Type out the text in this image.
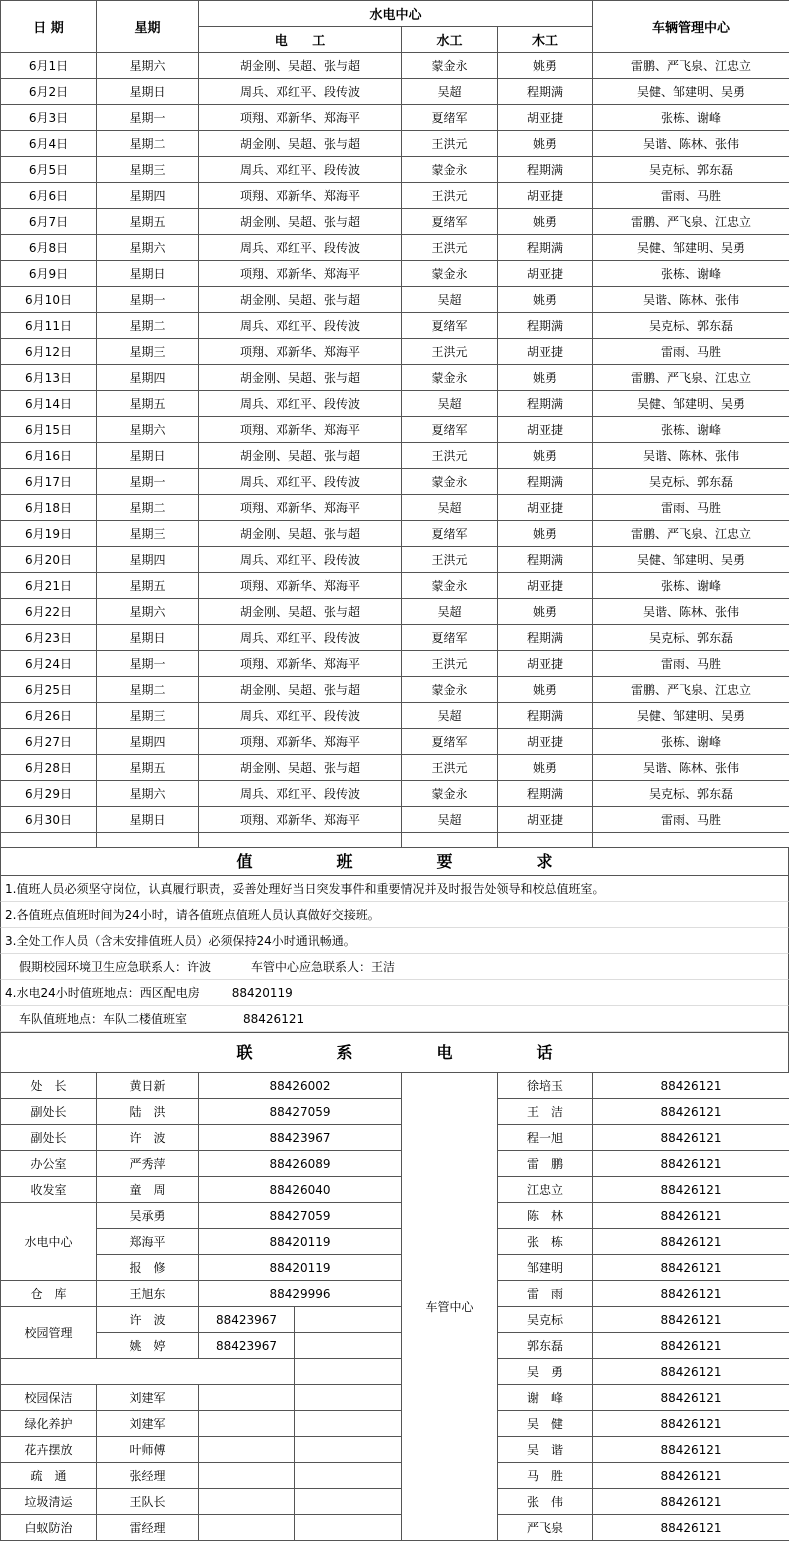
日 期	星期	水电中心			车辆管理中心
		电 工	水工	木工	
6月1日	星期六	胡金刚、吴超、张与超	蒙金永	姚勇	雷鹏、严飞泉、江忠立
6月2日	星期日	周兵、邓红平、段传波	吴超	程期满	吴健、邹建明、吴勇
6月3日	星期一	项翔、邓新华、郑海平	夏绪军	胡亚捷	张栋、谢峰
6月4日	星期二	胡金刚、吴超、张与超	王洪元	姚勇	吴谐、陈林、张伟
6月5日	星期三	周兵、邓红平、段传波	蒙金永	程期满	吴克标、郭东磊
6月6日	星期四	项翔、邓新华、郑海平	王洪元	胡亚捷	雷雨、马胜
6月7日	星期五	胡金刚、吴超、张与超	夏绪军	姚勇	雷鹏、严飞泉、江忠立
6月8日	星期六	周兵、邓红平、段传波	王洪元	程期满	吴健、邹建明、吴勇
6月9日	星期日	项翔、邓新华、郑海平	蒙金永	胡亚捷	张栋、谢峰
6月10日	星期一	胡金刚、吴超、张与超	吴超	姚勇	吴谐、陈林、张伟
6月11日	星期二	周兵、邓红平、段传波	夏绪军	程期满	吴克标、郭东磊
6月12日	星期三	项翔、邓新华、郑海平	王洪元	胡亚捷	雷雨、马胜
6月13日	星期四	胡金刚、吴超、张与超	蒙金永	姚勇	雷鹏、严飞泉、江忠立
6月14日	星期五	周兵、邓红平、段传波	吴超	程期满	吴健、邹建明、吴勇
6月15日	星期六	项翔、邓新华、郑海平	夏绪军	胡亚捷	张栋、谢峰
6月16日	星期日	胡金刚、吴超、张与超	王洪元	姚勇	吴谐、陈林、张伟
6月17日	星期一	周兵、邓红平、段传波	蒙金永	程期满	吴克标、郭东磊
6月18日	星期二	项翔、邓新华、郑海平	吴超	胡亚捷	雷雨、马胜
6月19日	星期三	胡金刚、吴超、张与超	夏绪军	姚勇	雷鹏、严飞泉、江忠立
6月20日	星期四	周兵、邓红平、段传波	王洪元	程期满	吴健、邹建明、吴勇
6月21日	星期五	项翔、邓新华、郑海平	蒙金永	胡亚捷	张栋、谢峰
6月22日	星期六	胡金刚、吴超、张与超	吴超	姚勇	吴谐、陈林、张伟
6月23日	星期日	周兵、邓红平、段传波	夏绪军	程期满	吴克标、郭东磊
6月24日	星期一	项翔、邓新华、郑海平	王洪元	胡亚捷	雷雨、马胜
6月25日	星期二	胡金刚、吴超、张与超	蒙金永	姚勇	雷鹏、严飞泉、江忠立
6月26日	星期三	周兵、邓红平、段传波	吴超	程期满	吴健、邹建明、吴勇
6月27日	星期四	项翔、邓新华、郑海平	夏绪军	胡亚捷	张栋、谢峰
6月28日	星期五	胡金刚、吴超、张与超	王洪元	姚勇	吴谐、陈林、张伟
6月29日	星期六	周兵、邓红平、段传波	蒙金永	程期满	吴克标、郭东磊
6月30日	星期日	项翔、邓新华、郑海平	吴超	胡亚捷	雷雨、马胜

值	班	要	求
1.值班人员必须坚守岗位，认真履行职责，妥善处理好当日突发事件和重要情况并及时报告处领导和校总值班室。
2.各值班点值班时间为24小时，请各值班点值班人员认真做好交接班。
3.全处工作人员（含未安排值班人员）必须保持24小时通讯畅通。
假期校园环境卫生应急联系人：许波	车管中心应急联系人：王洁
4.水电24小时值班地点：西区配电房	88420119
车队值班地点：车队二楼值班室	88426121
联	系	电	话
处　长	黄日新	88426002		车管中心	徐培玉	88426121
副处长	陆　洪	88427059			王　洁	88426121
副处长	许　波	88423967			程一旭	88426121
办公室	严秀萍	88426089			雷　鹏	88426121
收发室	童　周	88426040			江忠立	88426121
水电中心	吴承勇	88427059			陈　林	88426121
	郑海平	88420119			张　栋	88426121
	报　修	88420119			邹建明	88426121
仓　库	王旭东	88429996			雷　雨	88426121
校园管理	许　波	88423967			吴克标	88426121
	姚　婷	88423967			郭东磊	88426121
					吴　勇	88426121
校园保洁	刘建军				谢　峰	88426121
绿化养护	刘建军				吴　健	88426121
花卉摆放	叶师傅				吴　谐	88426121
疏　通	张经理				马　胜	88426121
垃圾清运	王队长				张　伟	88426121
白蚁防治	雷经理				严飞泉	88426121
